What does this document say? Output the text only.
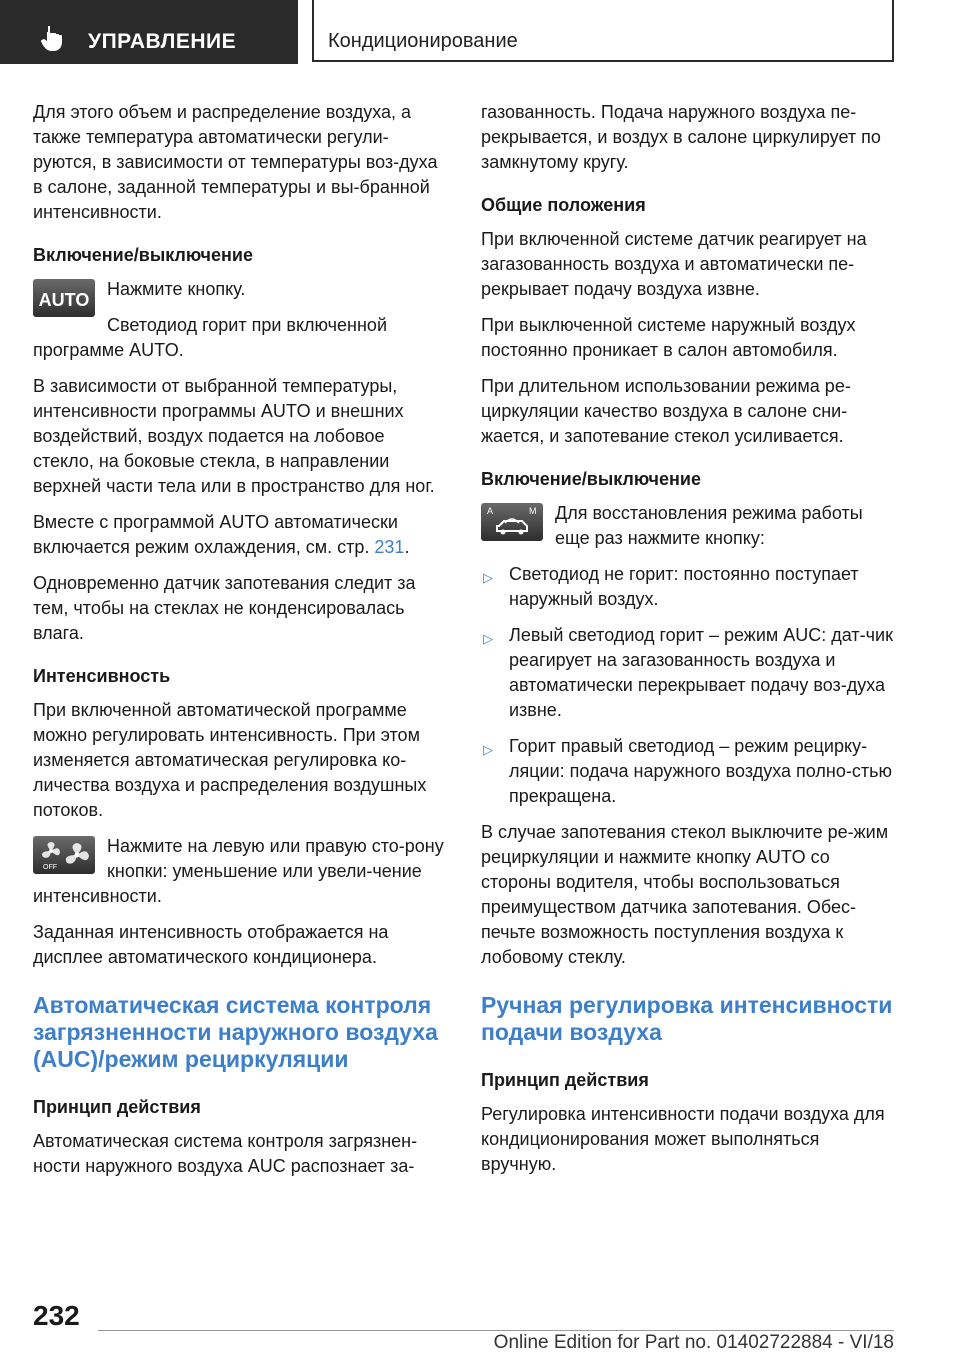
УПРАВЛЕНИЕ	Кондиционирование

Для этого объем и распределение воздуха, а также температура автоматически регули-руются, в зависимости от температуры воз-духа в салоне, заданной температуры и вы-бранной интенсивности.

Включение/выключение
AUTO

Нажмите кнопку.

Светодиод горит при включенной программе AUTO.

В зависимости от выбранной температуры, интенсивности программы AUTO и внешних воздействий, воздух подается на лобовое стекло, на боковые стекла, в направлении верхней части тела или в пространство для ног.

Вместе с программой AUTO автоматически включается режим охлаждения, см. стр. 231.

Одновременно датчик запотевания следит за тем, чтобы на стеклах не конденсировалась влага.

Интенсивность

При включенной автоматической программе можно регулировать интенсивность. При этом изменяется автоматическая регулировка ко-личества воздуха и распределения воздушных потоков.

OFF

Нажмите на левую или правую сто-рону кнопки: уменьшение или увели-чение интенсивности.

Заданная интенсивность отображается на дисплее автоматического кондиционера.

Автоматическая система контроля загрязненности наружного воздуха (AUC)/режим рециркуляции
Принцип действия

Автоматическая система контроля загрязнен-ности наружного воздуха AUC распознает за-

газованность. Подача наружного воздуха пе-рекрывается, и воздух в салоне циркулирует по замкнутому кругу.

Общие положения

При включенной системе датчик реагирует на загазованность воздуха и автоматически пе-рекрывает подачу воздуха извне.

При выключенной системе наружный воздух постоянно проникает в салон автомобиля.

При длительном использовании режима ре-циркуляции качество воздуха в салоне сни-жается, и запотевание стекол усиливается.

Включение/выключение
A	M	Для восстановления режима работы еще раз нажмите кнопку:

▷ Светодиод не горит: постоянно поступает наружный воздух.
▷ Левый светодиод горит – режим AUC: дат-чик реагирует на загазованность воздуха и автоматически перекрывает подачу воз-духа извне.
▷ Горит правый светодиод – режим рецирку-ляции: подача наружного воздуха полно-стью прекращена.

В случае запотевания стекол выключите ре-жим рециркуляции и нажмите кнопку AUTO со стороны водителя, чтобы воспользоваться преимуществом датчика запотевания. Обес-печьте возможность поступления воздуха к лобовому стеклу.

Ручная регулировка интенсивности подачи воздуха
Принцип действия

Регулировка интенсивности подачи воздуха для кондиционирования может выполняться вручную.

232
Online Edition for Part no. 01402722884 - VI/18
